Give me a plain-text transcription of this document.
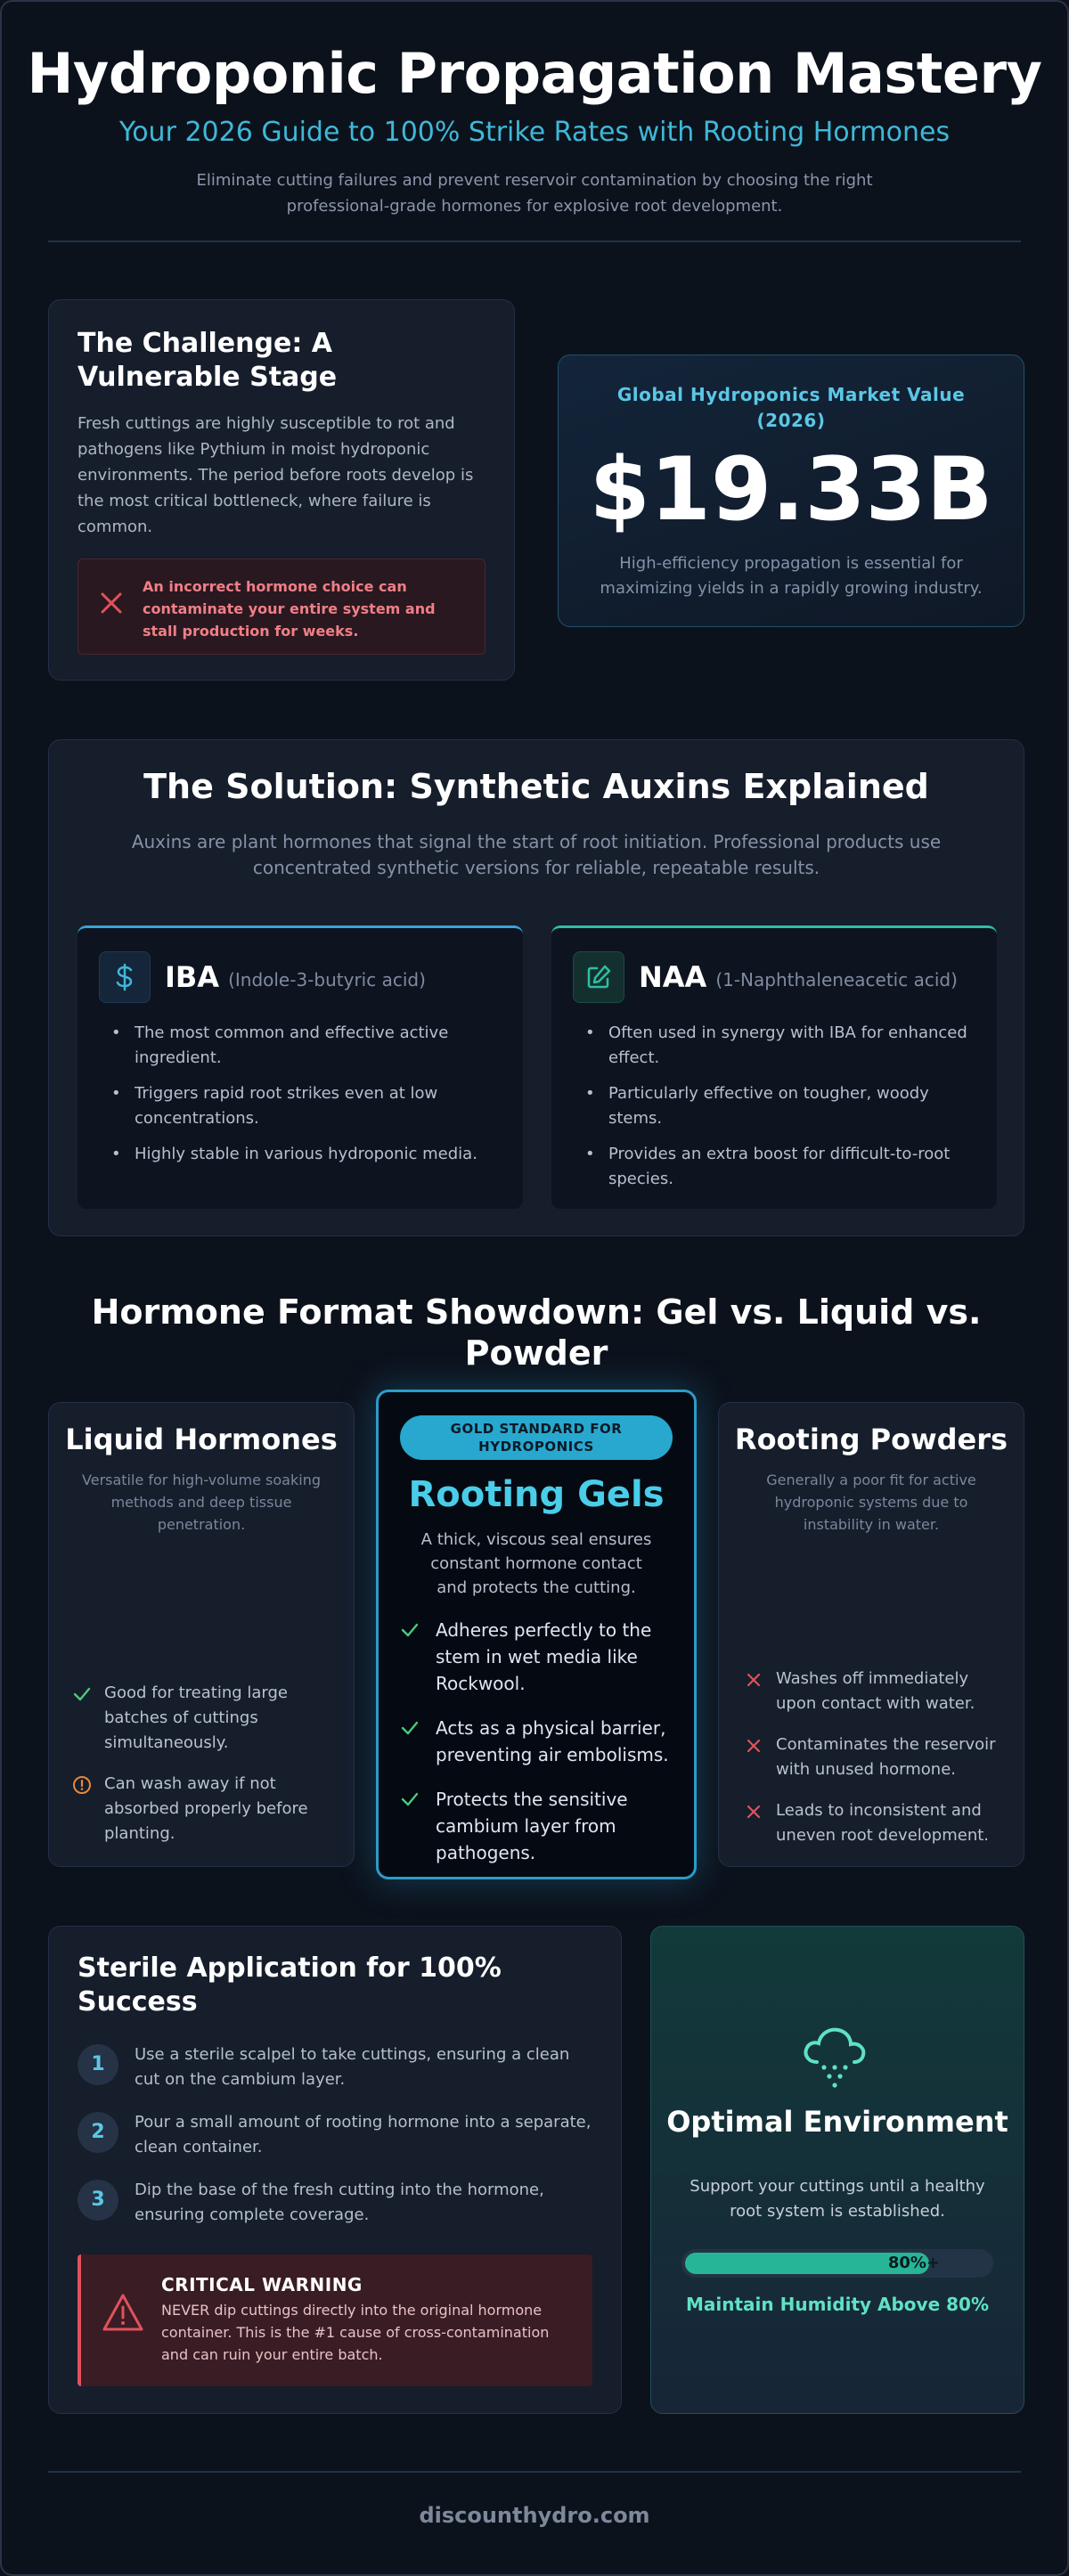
Hydroponic Propagation Mastery
Your 2026 Guide to 100% Strike Rates with Rooting Hormones

Eliminate cutting failures and prevent reservoir contamination by choosing the right professional-grade hormones for explosive root development.

The Challenge: A Vulnerable Stage

Fresh cuttings are highly susceptible to rot and pathogens like Pythium in moist hydroponic environments. The period before roots develop is the most critical bottleneck, where failure is common.

An incorrect hormone choice can contaminate your entire system and stall production for weeks.
Global Hydroponics Market Value (2026)
$19.33B
High-efficiency propagation is essential for maximizing yields in a rapidly growing industry.
The Solution: Synthetic Auxins Explained

Auxins are plant hormones that signal the start of root initiation. Professional products use concentrated synthetic versions for reliable, repeatable results.

IBA (Indole-3-butyric acid)
• The most common and effective active ingredient.
• Triggers rapid root strikes even at low concentrations.
• Highly stable in various hydroponic media.
NAA (1-Naphthaleneacetic acid)
• Often used in synergy with IBA for enhanced effect.
• Particularly effective on tougher, woody stems.
• Provides an extra boost for difficult-to-root species.
Hormone Format Showdown: Gel vs. Liquid vs. Powder
Liquid Hormones
Versatile for high-volume soaking methods and deep tissue penetration.
Good for treating large batches of cuttings simultaneously.
Can wash away if not absorbed properly before planting.
GOLD STANDARD FOR HYDROPONICS
Rooting Gels
A thick, viscous seal ensures constant hormone contact and protects the cutting.
Adheres perfectly to the stem in wet media like Rockwool.
Acts as a physical barrier, preventing air embolisms.
Protects the sensitive cambium layer from pathogens.
Rooting Powders
Generally a poor fit for active hydroponic systems due to instability in water.
Washes off immediately upon contact with water.
Contaminates the reservoir with unused hormone.
Leads to inconsistent and uneven root development.
Sterile Application for 100% Success
1	Use a sterile scalpel to take cuttings, ensuring a clean cut on the cambium layer.
2	Pour a small amount of rooting hormone into a separate, clean container.
3	Dip the base of the fresh cutting into the hormone, ensuring complete coverage.
CRITICAL WARNING
NEVER dip cuttings directly into the original hormone container. This is the #1 cause of cross-contamination and can ruin your entire batch.
Optimal Environment
Support your cuttings until a healthy root system is established.
80%+
Maintain Humidity Above 80%
discounthydro.com
